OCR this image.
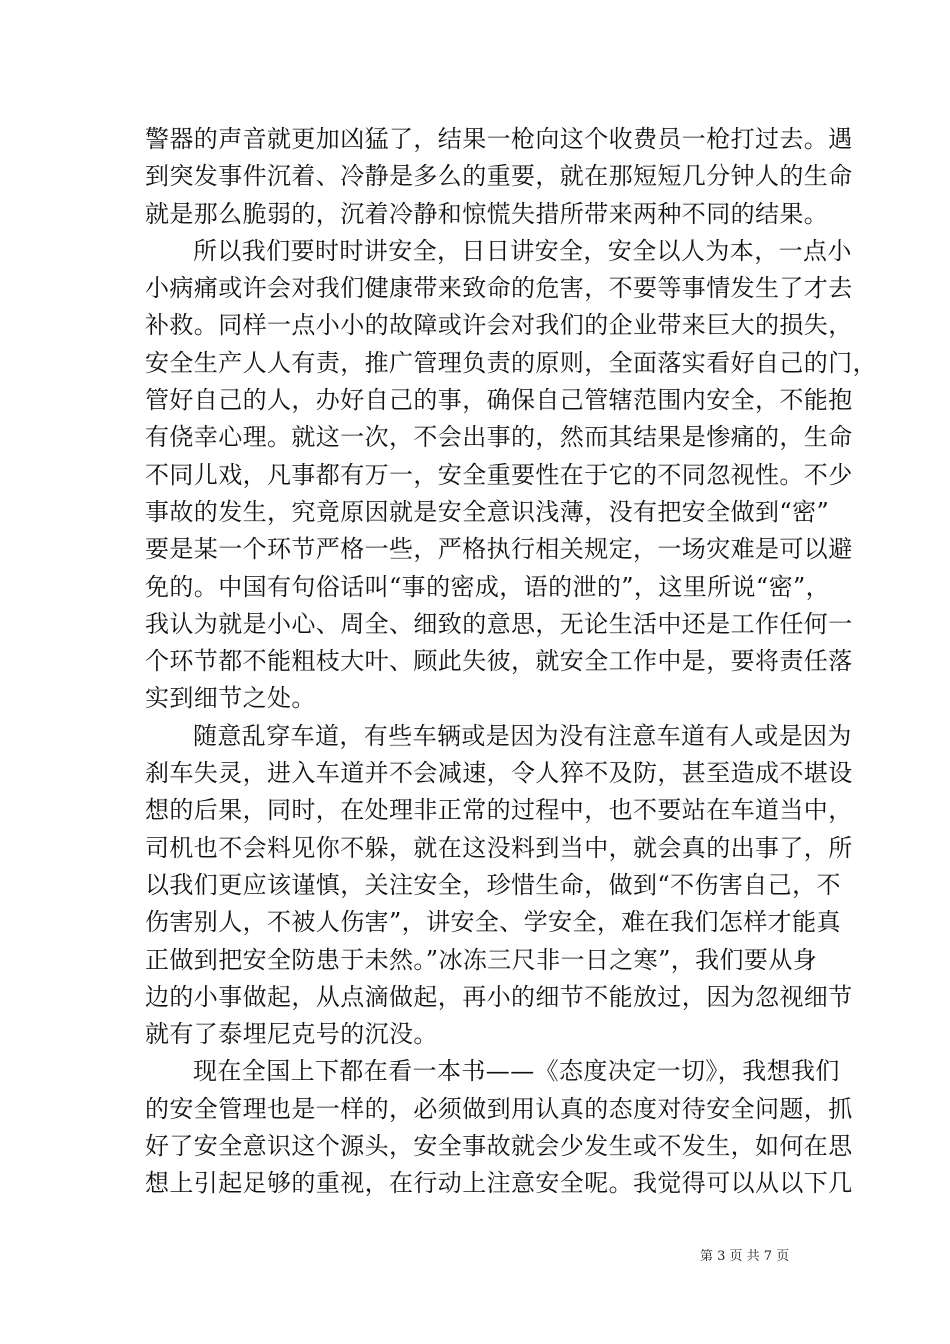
警器的声音就更加凶猛了，结果一枪向这个收费员一枪打过去。遇
到突发事件沉着、冷静是多么的重要，就在那短短几分钟人的生命
就是那么脆弱的，沉着冷静和惊慌失措所带来两种不同的结果。
所以我们要时时讲安全，日日讲安全，安全以人为本，一点小
小病痛或许会对我们健康带来致命的危害，不要等事情发生了才去
补救。同样一点小小的故障或许会对我们的企业带来巨大的损失，
安全生产人人有责，推广管理负责的原则，全面落实看好自己的门，
管好自己的人，办好自己的事，确保自己管辖范围内安全，不能抱
有侥幸心理。就这一次，不会出事的，然而其结果是惨痛的，生命
不同儿戏，凡事都有万一，安全重要性在于它的不同忽视性。不少
事故的发生，究竟原因就是安全意识浅薄，没有把安全做到“密”
要是某一个环节严格一些，严格执行相关规定，一场灾难是可以避
免的。中国有句俗话叫“事的密成，语的泄的”，这里所说“密”，
我认为就是小心、周全、细致的意思，无论生活中还是工作任何一
个环节都不能粗枝大叶、顾此失彼，就安全工作中是，要将责任落
实到细节之处。
随意乱穿车道，有些车辆或是因为没有注意车道有人或是因为
刹车失灵，进入车道并不会减速，令人猝不及防，甚至造成不堪设
想的后果，同时，在处理非正常的过程中，也不要站在车道当中，
司机也不会料见你不躲，就在这没料到当中，就会真的出事了，所
以我们更应该谨慎，关注安全，珍惜生命，做到“不伤害自己，不
伤害别人，不被人伤害”，讲安全、学安全，难在我们怎样才能真
正做到把安全防患于未然。”冰冻三尺非一日之寒”，我们要从身
边的小事做起，从点滴做起，再小的细节不能放过，因为忽视细节
就有了泰埋尼克号的沉没。
现在全国上下都在看一本书——《态度决定一切》，我想我们
的安全管理也是一样的，必须做到用认真的态度对待安全问题，抓
好了安全意识这个源头，安全事故就会少发生或不发生，如何在思
想上引起足够的重视，在行动上注意安全呢。我觉得可以从以下几
第 3 页 共 7 页
